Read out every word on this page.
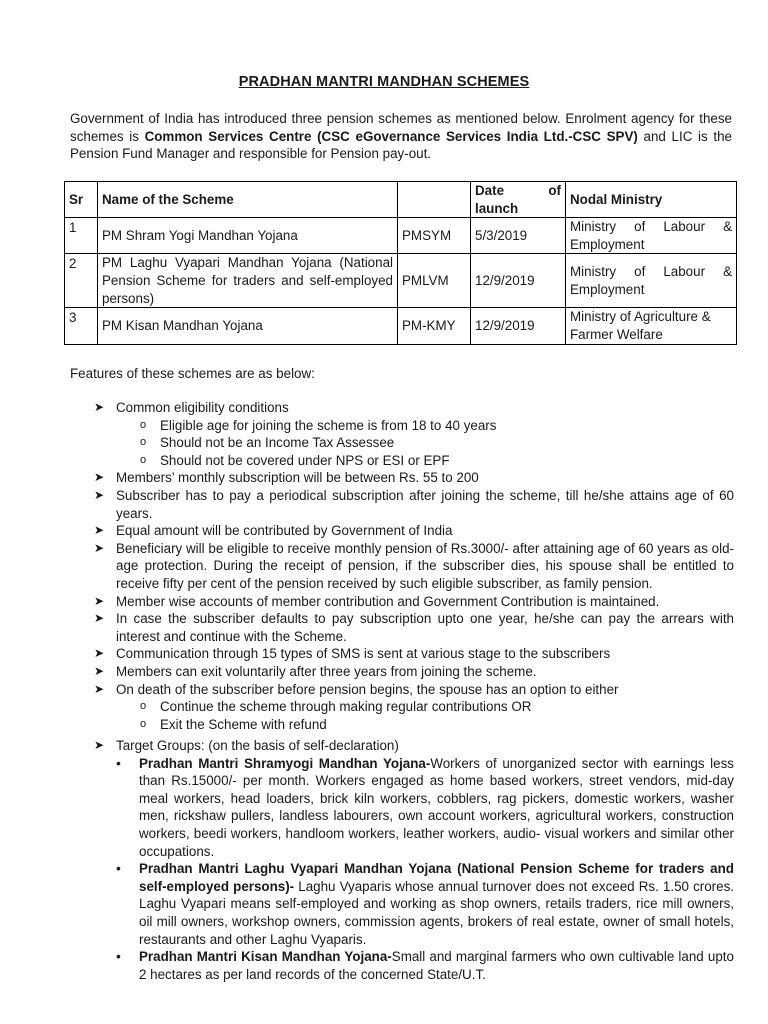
PRADHAN MANTRI MANDHAN SCHEMES
Government of India has introduced three pension schemes as mentioned below. Enrolment agency for these schemes is Common Services Centre (CSC eGovernance Services India Ltd.-CSC SPV) and LIC is the Pension Fund Manager and responsible for Pension pay-out.
Sr	Name of the Scheme		Date of launch	Nodal Ministry
1	PM Shram Yogi Mandhan Yojana	PMSYM	5/3/2019	Ministry of Labour & Employment
2	PM Laghu Vyapari Mandhan Yojana (National Pension Scheme for traders and self-employed persons)	PMLVM	12/9/2019	Ministry of Labour & Employment
3	PM Kisan Mandhan Yojana	PM-KMY	12/9/2019	Ministry of Agriculture & Farmer Welfare
Features of these schemes are as below:
➤ Common eligibility conditions
o Eligible age for joining the scheme is from 18 to 40 years
o Should not be an Income Tax Assessee
o Should not be covered under NPS or ESI or EPF
➤ Members’ monthly subscription will be between Rs. 55 to 200
➤ Subscriber has to pay a periodical subscription after joining the scheme, till he/she attains age of 60 years.
➤ Equal amount will be contributed by Government of India
➤ Beneficiary will be eligible to receive monthly pension of Rs.3000/- after attaining age of 60 years as old-age protection. During the receipt of pension, if the subscriber dies, his spouse shall be entitled to receive fifty per cent of the pension received by such eligible subscriber, as family pension.
➤ Member wise accounts of member contribution and Government Contribution is maintained.
➤ In case the subscriber defaults to pay subscription upto one year, he/she can pay the arrears with interest and continue with the Scheme.
➤ Communication through 15 types of SMS is sent at various stage to the subscribers
➤ Members can exit voluntarily after three years from joining the scheme.
➤ On death of the subscriber before pension begins, the spouse has an option to either
o Continue the scheme through making regular contributions OR
o Exit the Scheme with refund
➤ Target Groups: (on the basis of self-declaration)
• Pradhan Mantri Shramyogi Mandhan Yojana-Workers of unorganized sector with earnings less than Rs.15000/- per month. Workers engaged as home based workers, street vendors, mid-day meal workers, head loaders, brick kiln workers, cobblers, rag pickers, domestic workers, washer men, rickshaw pullers, landless labourers, own account workers, agricultural workers, construction workers, beedi workers, handloom workers, leather workers, audio- visual workers and similar other occupations.
• Pradhan Mantri Laghu Vyapari Mandhan Yojana (National Pension Scheme for traders and self-employed persons)- Laghu Vyaparis whose annual turnover does not exceed Rs. 1.50 crores. Laghu Vyapari means self-employed and working as shop owners, retails traders, rice mill owners, oil mill owners, workshop owners, commission agents, brokers of real estate, owner of small hotels, restaurants and other Laghu Vyaparis.
• Pradhan Mantri Kisan Mandhan Yojana-Small and marginal farmers who own cultivable land upto 2 hectares as per land records of the concerned State/U.T.
